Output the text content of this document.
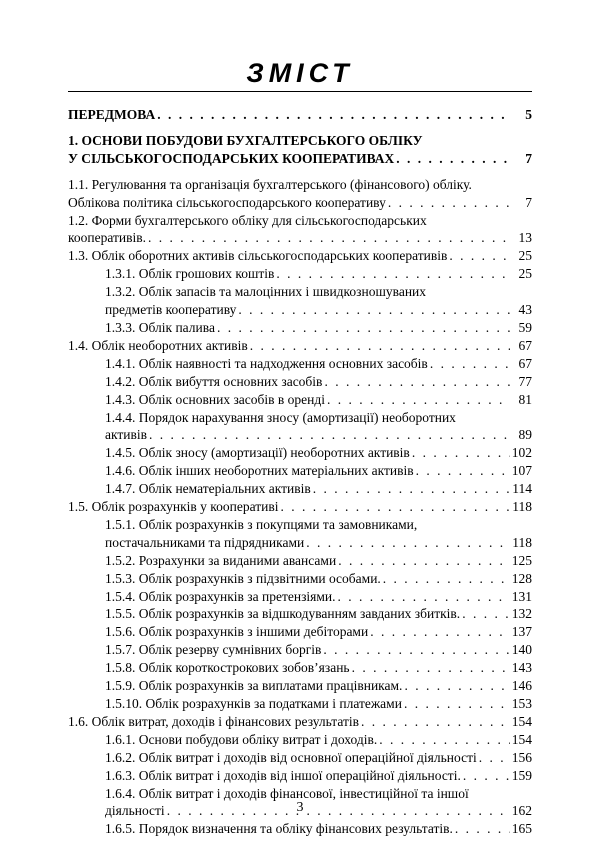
ЗМІСТ
ПЕРЕДМОВА . . .	5
1. ОСНОВИ ПОБУДОВИ БУХГАЛТЕРСЬКОГО ОБЛІКУ
У СІЛЬСЬКОГОСПОДАРСЬКИХ КООПЕРАТИВАХ . . .	7
1.1. Регулювання та організація бухгалтерського (фінансового) обліку.
Облікова політика сільськогосподарського кооперативу . . .	7
1.2. Форми бухгалтерського обліку для сільськогосподарських
кооперативів. . . .	13
1.3. Облік оборотних активів сільськогосподарських кооперативів . . .	25
1.3.1. Облік грошових коштів . . .	25
1.3.2. Облік запасів та малоцінних і швидкозношуваних
предметів кооперативу . . .	43
1.3.3. Облік палива . . .	59
1.4. Облік необоротних активів . . .	67
1.4.1. Облік наявності та надходження основних засобів . . .	67
1.4.2. Облік вибуття основних засобів . . .	77
1.4.3. Облік основних засобів в оренді . . .	81
1.4.4. Порядок нарахування зносу (амортизації) необоротних
активів . . .	89
1.4.5. Облік зносу (амортизації) необоротних активів . . .	102
1.4.6. Облік інших необоротних матеріальних активів . . .	107
1.4.7. Облік нематеріальних активів . . .	114
1.5. Облік розрахунків у кооперативі . . .	118
1.5.1. Облік розрахунків з покупцями та замовниками,
постачальниками та підрядниками . . .	118
1.5.2. Розрахунки за виданими авансами . . .	125
1.5.3. Облік розрахунків з підзвітними особами. . . .	128
1.5.4. Облік розрахунків за претензіями. . . .	131
1.5.5. Облік розрахунків за відшкодуванням завданих збитків. . . .	132
1.5.6. Облік розрахунків з іншими дебіторами . . .	137
1.5.7. Облік резерву сумнівних боргів . . .	140
1.5.8. Облік короткострокових зобов’язань . . .	143
1.5.9. Облік розрахунків за виплатами працівникам. . . .	146
1.5.10. Облік розрахунків за податками і платежами . . .	153
1.6. Облік витрат, доходів і фінансових результатів . . .	154
1.6.1. Основи побудови обліку витрат і доходів. . . .	154
1.6.2. Облік витрат і доходів від основної операційної діяльності . . .	156
1.6.3. Облік витрат і доходів від іншої операційної діяльності. . . .	159
1.6.4. Облік витрат і доходів фінансової, інвестиційної та іншої
діяльності . . .	162
1.6.5. Порядок визначення та обліку фінансових результатів. . . .	165
3
